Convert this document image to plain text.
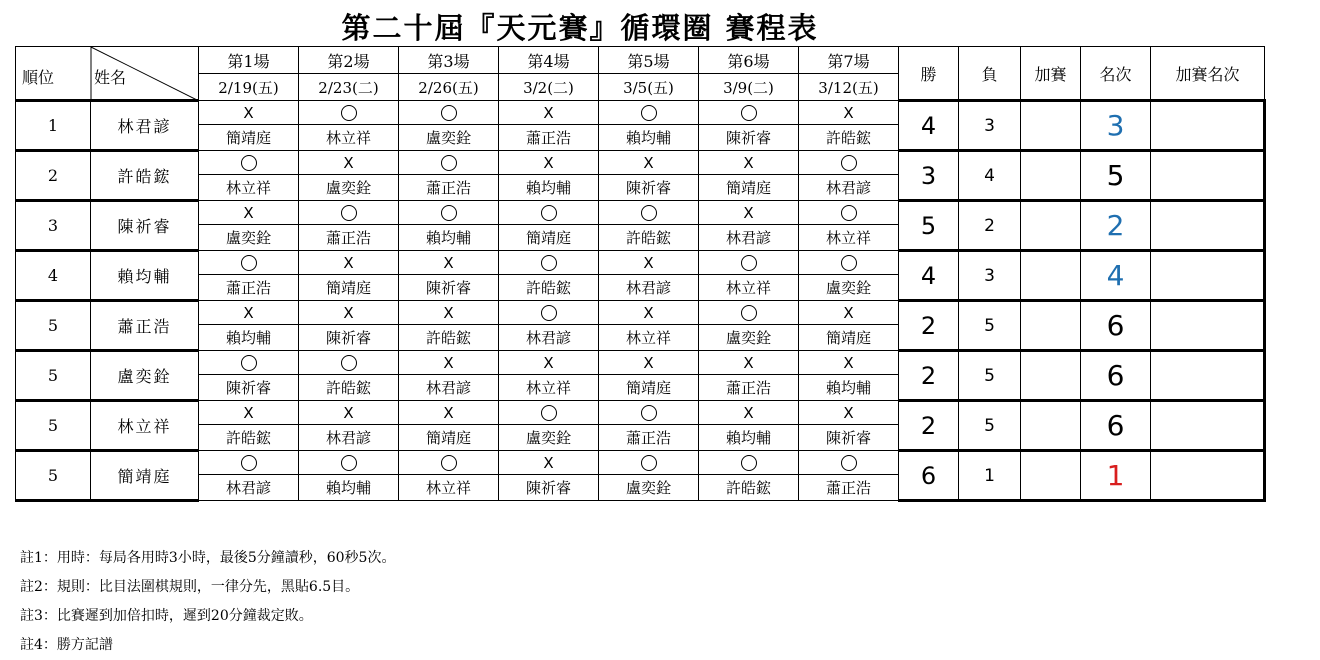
第二十屆『天元賽』循環圈 賽程表
順位 姓名		第1場	第2場	第3場	第4場	第5場	第6場	第7場	勝	負	加賽	名次	加賽名次
		2/19(五)	2/23(二)	2/26(五)	3/2(二)	3/5(五)	3/9(二)	3/12(五)					
1	林君諺	X			X			X	4	3		3	
		簡靖庭	林立祥	盧奕銓	蕭正浩	賴均輔	陳祈睿	許皓鋐					
2	許皓鋐		X		X	X	X		3	4		5	
		林立祥	盧奕銓	蕭正浩	賴均輔	陳祈睿	簡靖庭	林君諺					
3	陳祈睿	X					X		5	2		2	
		盧奕銓	蕭正浩	賴均輔	簡靖庭	許皓鋐	林君諺	林立祥					
4	賴均輔		X	X		X			4	3		4	
		蕭正浩	簡靖庭	陳祈睿	許皓鋐	林君諺	林立祥	盧奕銓					
5	蕭正浩	X	X	X		X		X	2	5		6	
		賴均輔	陳祈睿	許皓鋐	林君諺	林立祥	盧奕銓	簡靖庭					
5	盧奕銓			X	X	X	X	X	2	5		6	
		陳祈睿	許皓鋐	林君諺	林立祥	簡靖庭	蕭正浩	賴均輔					
5	林立祥	X	X	X			X	X	2	5		6	
		許皓鋐	林君諺	簡靖庭	盧奕銓	蕭正浩	賴均輔	陳祈睿					
5	簡靖庭				X				6	1		1	
		林君諺	賴均輔	林立祥	陳祈睿	盧奕銓	許皓鋐	蕭正浩					
註1：用時：每局各用時3小時，最後5分鐘讀秒，60秒5次。
註2：規則：比目法圍棋規則，一律分先，黑貼6.5目。
註3：比賽遲到加倍扣時，遲到20分鐘裁定敗。
註4：勝方記譜
